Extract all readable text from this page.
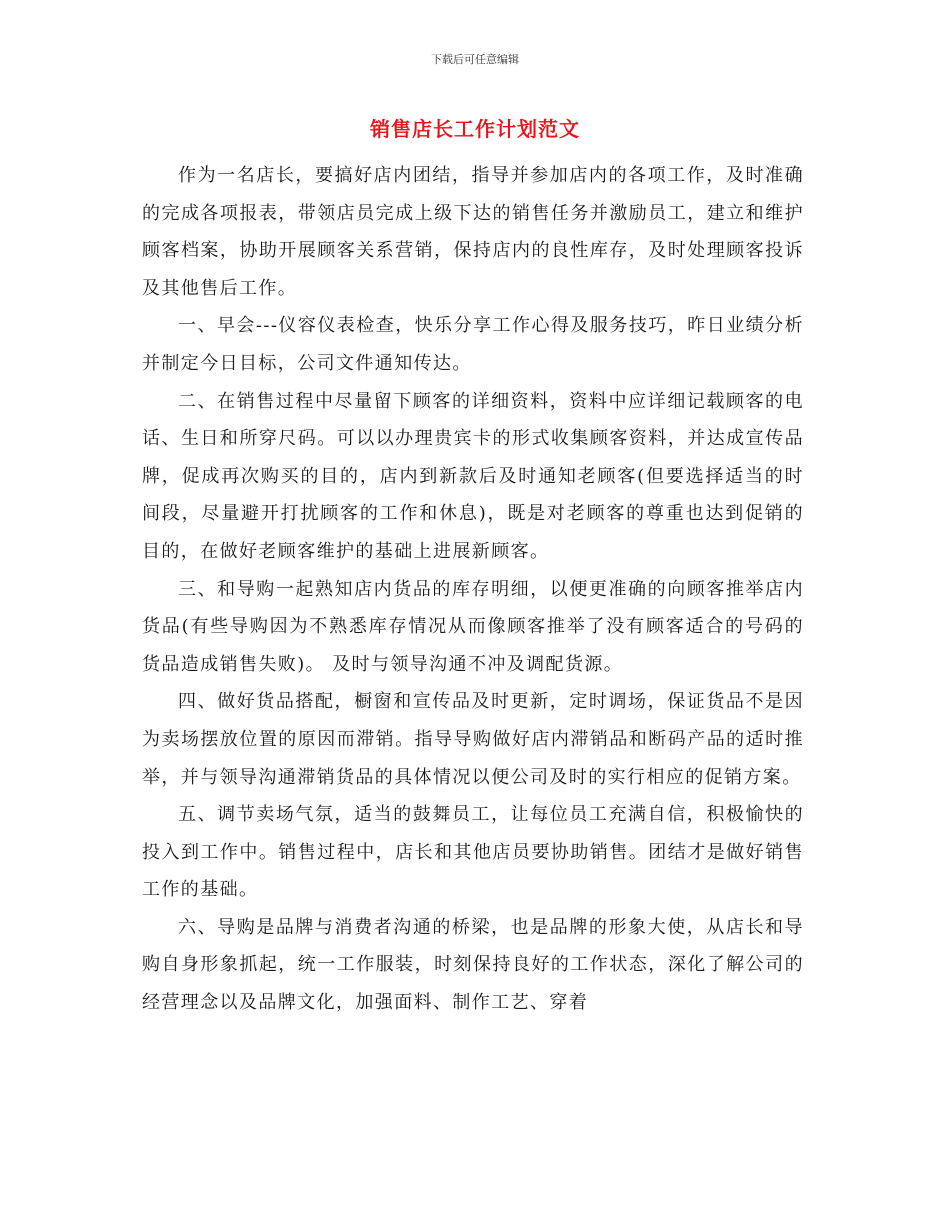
下载后可任意编辑
销售店长工作计划范文

作为一名店长，要搞好店内团结，指导并参加店内的各项工作，及时准确的完成各项报表，带领店员完成上级下达的销售任务并激励员工，建立和维护顾客档案，协助开展顾客关系营销，保持店内的良性库存，及时处理顾客投诉及其他售后工作。

一、早会---仪容仪表检查，快乐分享工作心得及服务技巧，昨日业绩分析并制定今日目标，公司文件通知传达。

二、在销售过程中尽量留下顾客的详细资料，资料中应详细记载顾客的电话、生日和所穿尺码。可以以办理贵宾卡的形式收集顾客资料，并达成宣传品牌，促成再次购买的目的，店内到新款后及时通知老顾客(但要选择适当的时间段，尽量避开打扰顾客的工作和休息)，既是对老顾客的尊重也达到促销的目的，在做好老顾客维护的基础上进展新顾客。

三、和导购一起熟知店内货品的库存明细，以便更准确的向顾客推举店内货品(有些导购因为不熟悉库存情况从而像顾客推举了没有顾客适合的号码的货品造成销售失败)。 及时与领导沟通不冲及调配货源。

四、做好货品搭配，橱窗和宣传品及时更新，定时调场，保证货品不是因为卖场摆放位置的原因而滞销。指导导购做好店内滞销品和断码产品的适时推举，并与领导沟通滞销货品的具体情况以便公司及时的实行相应的促销方案。

五、调节卖场气氛，适当的鼓舞员工，让每位员工充满自信，积极愉快的投入到工作中。销售过程中，店长和其他店员要协助销售。团结才是做好销售工作的基础。

六、导购是品牌与消费者沟通的桥梁，也是品牌的形象大使，从店长和导购自身形象抓起，统一工作服装，时刻保持良好的工作状态，深化了解公司的经营理念以及品牌文化，加强面料、制作工艺、穿着
